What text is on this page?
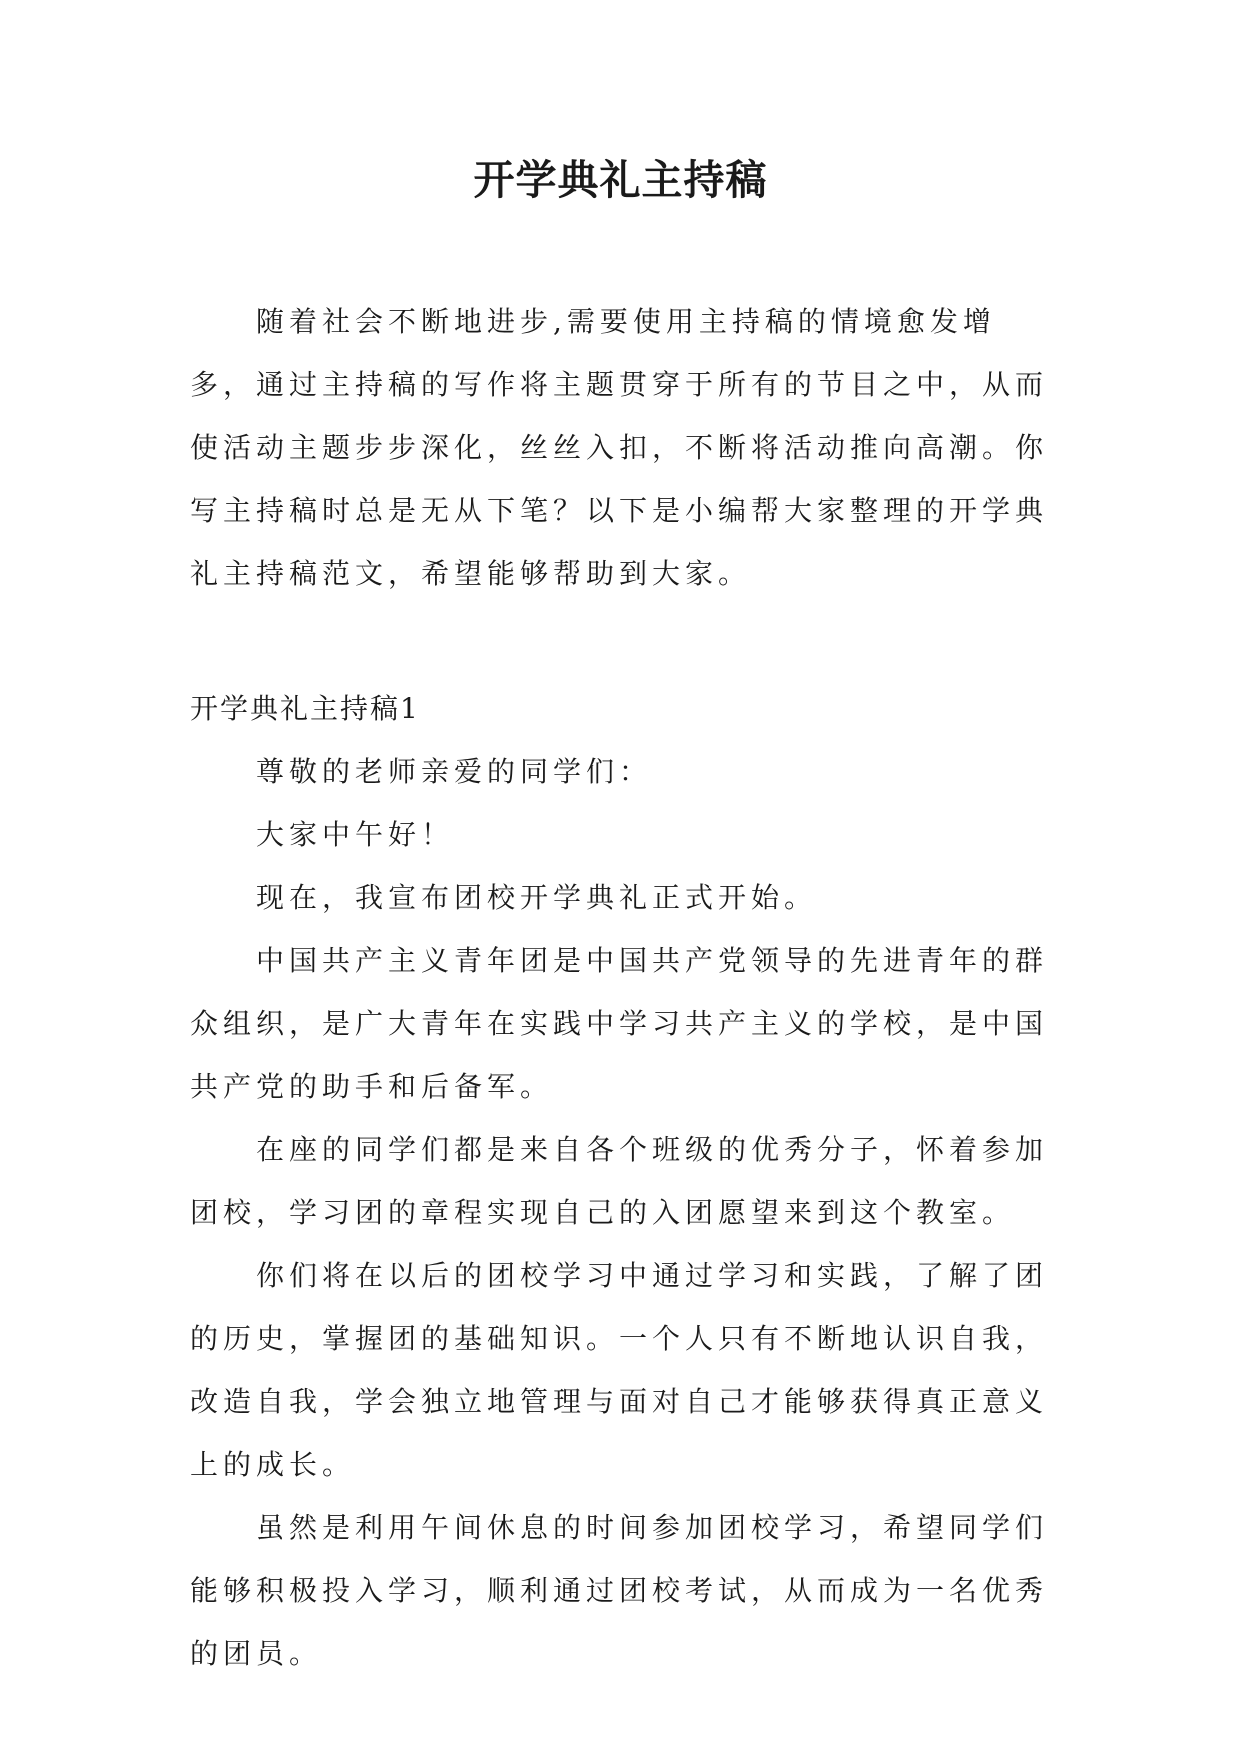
开学典礼主持稿

随着社会不断地进步,需要使用主持稿的情境愈发增多，通过主持稿的写作将主题贯穿于所有的节目之中，从而使活动主题步步深化，丝丝入扣，不断将活动推向高潮。你写主持稿时总是无从下笔？以下是小编帮大家整理的开学典礼主持稿范文，希望能够帮助到大家。

开学典礼主持稿1

尊敬的老师亲爱的同学们：

大家中午好！

现在，我宣布团校开学典礼正式开始。

中国共产主义青年团是中国共产党领导的先进青年的群众组织，是广大青年在实践中学习共产主义的学校，是中国共产党的助手和后备军。

在座的同学们都是来自各个班级的优秀分子，怀着参加团校，学习团的章程实现自己的入团愿望来到这个教室。

你们将在以后的团校学习中通过学习和实践，了解了团的历史，掌握团的基础知识。一个人只有不断地认识自我，改造自我，学会独立地管理与面对自己才能够获得真正意义上的成长。

虽然是利用午间休息的时间参加团校学习，希望同学们能够积极投入学习，顺利通过团校考试，从而成为一名优秀的团员。
